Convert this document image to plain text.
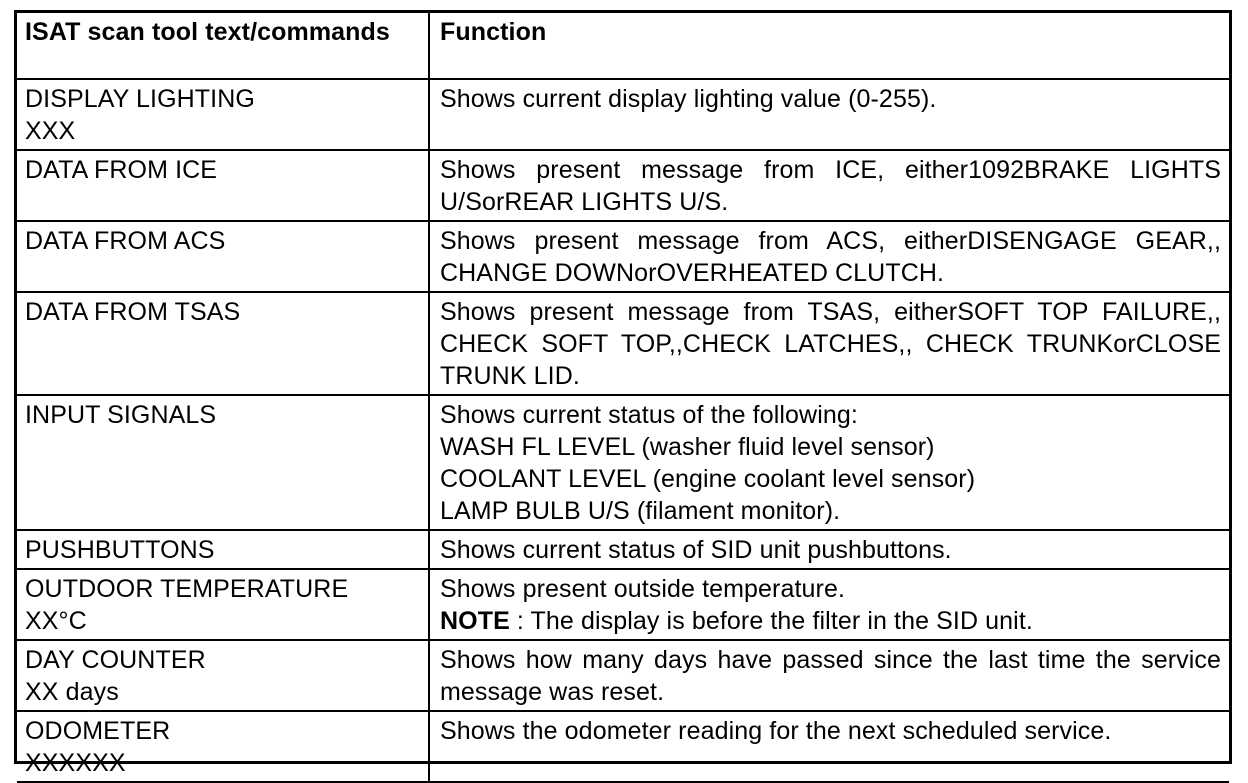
ISAT scan tool text/commands	Function

DISPLAY LIGHTING
XXX	Shows current display lighting value (0-255).

DATA FROM ICE	Shows present message from ICE, either1092BRAKE LIGHTS U/SorREAR LIGHTS U/S.

DATA FROM ACS	Shows present message from ACS, eitherDISENGAGE GEAR,, CHANGE DOWNorOVERHEATED CLUTCH.

DATA FROM TSAS	Shows present message from TSAS, eitherSOFT TOP FAILURE,, CHECK SOFT TOP,,CHECK LATCHES,, CHECK TRUNKorCLOSE TRUNK LID.

INPUT SIGNALS	Shows current status of the following:
WASH FL LEVEL (washer fluid level sensor)
COOLANT LEVEL (engine coolant level sensor)
LAMP BULB U/S (filament monitor).

PUSHBUTTONS	Shows current status of SID unit pushbuttons.

OUTDOOR TEMPERATURE
XX°C	Shows present outside temperature.
NOTE : The display is before the filter in the SID unit.

DAY COUNTER
XX days	Shows how many days have passed since the last time the service message was reset.

ODOMETER
XXXXXX	Shows the odometer reading for the next scheduled service.
